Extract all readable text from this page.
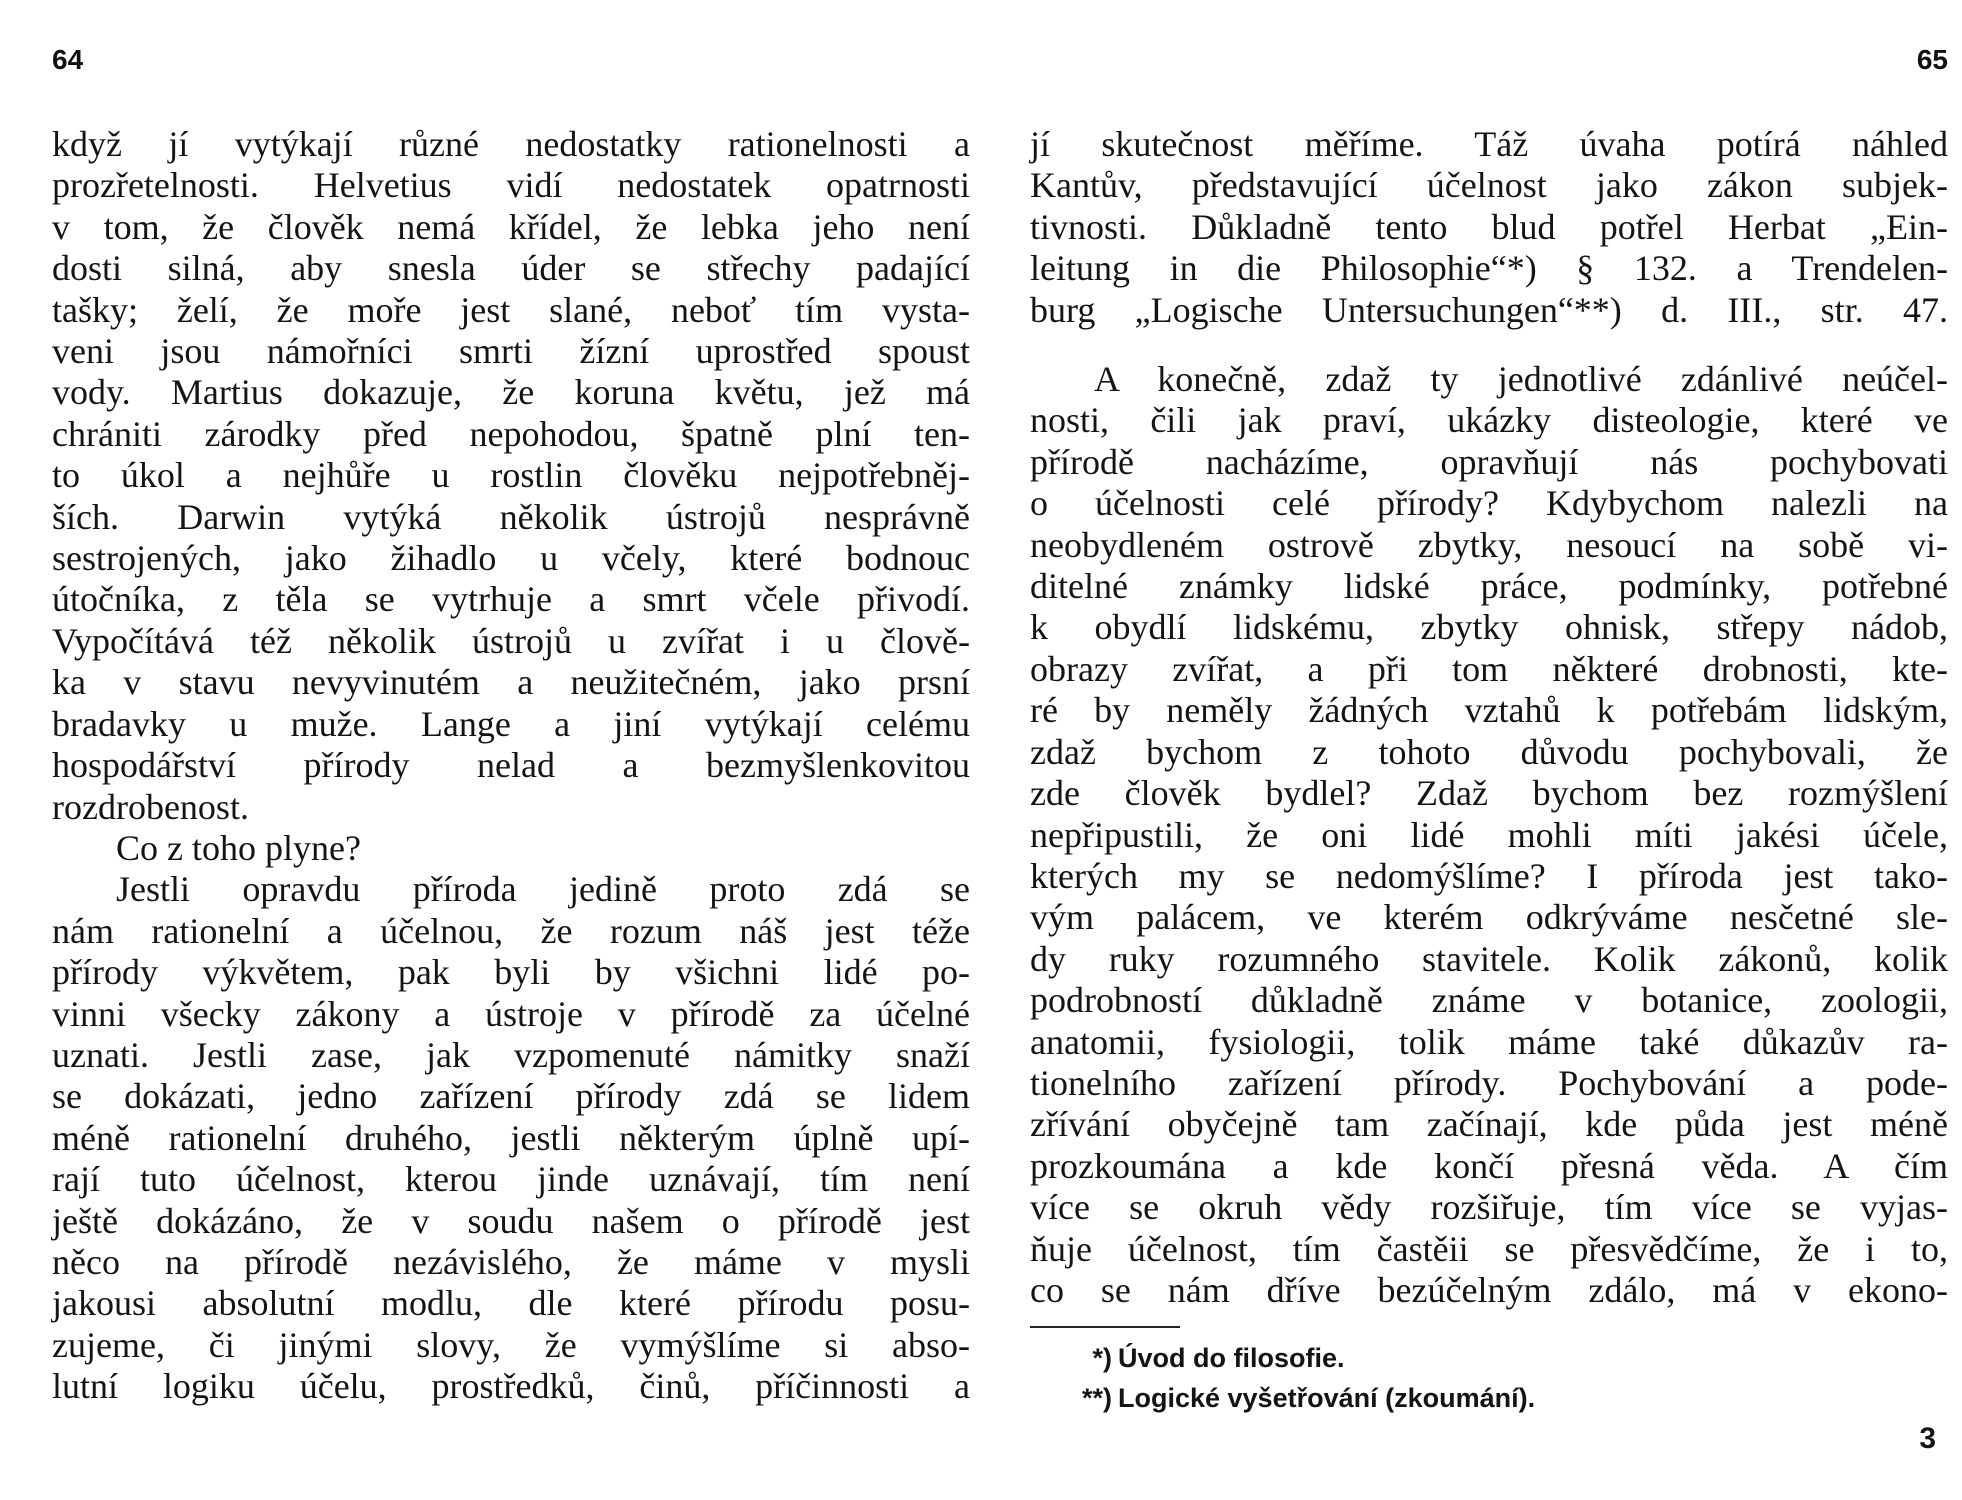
64
když jí vytýkají různé nedostatky rationelnosti a
prozřetelnosti. Helvetius vidí nedostatek opatrnosti
v tom, že člověk nemá křídel, že lebka jeho není
dosti silná, aby snesla úder se střechy padající
tašky; želí, že moře jest slané, neboť tím vysta-
veni jsou námořníci smrti žízní uprostřed spoust
vody. Martius dokazuje, že koruna květu, jež má
chrániti zárodky před nepohodou, špatně plní ten-
to úkol a nejhůře u rostlin člověku nejpotřebněj-
ších. Darwin vytýká několik ústrojů nesprávně
sestrojených, jako žihadlo u včely, které bodnouc
útočníka, z těla se vytrhuje a smrt včele přivodí.
Vypočítává též několik ústrojů u zvířat i u člově-
ka v stavu nevyvinutém a neužitečném, jako prsní
bradavky u muže. Lange a jiní vytýkají celému
hospodářství přírody nelad a bezmyšlenkovitou
rozdrobenost.
Co z toho plyne?
Jestli opravdu příroda jedině proto zdá se
nám rationelní a účelnou, že rozum náš jest téže
přírody výkvětem, pak byli by všichni lidé po-
vinni všecky zákony a ústroje v přírodě za účelné
uznati. Jestli zase, jak vzpomenuté námitky snaží
se dokázati, jedno zařízení přírody zdá se lidem
méně rationelní druhého, jestli některým úplně upí-
rají tuto účelnost, kterou jinde uznávají, tím není
ještě dokázáno, že v soudu našem o přírodě jest
něco na přírodě nezávislého, že máme v mysli
jakousi absolutní modlu, dle které přírodu posu-
zujeme, či jinými slovy, že vymýšlíme si abso-
lutní logiku účelu, prostředků, činů, příčinnosti a
65
jí skutečnost měříme. Táž úvaha potírá náhled
Kantův, představující účelnost jako zákon subjek-
tivnosti. Důkladně tento blud potřel Herbat „Ein-
leitung in die Philosophie“*) § 132. a Trendelen-
burg „Logische Untersuchungen“**) d. III., str. 47.
A konečně, zdaž ty jednotlivé zdánlivé neúčel-
nosti, čili jak praví, ukázky disteologie, které ve
přírodě nacházíme, opravňují nás pochybovati
o účelnosti celé přírody? Kdybychom nalezli na
neobydleném ostrově zbytky, nesoucí na sobě vi-
ditelné známky lidské práce, podmínky, potřebné
k obydlí lidskému, zbytky ohnisk, střepy nádob,
obrazy zvířat, a při tom některé drobnosti, kte-
ré by neměly žádných vztahů k potřebám lidským,
zdaž bychom z tohoto důvodu pochybovali, že
zde člověk bydlel? Zdaž bychom bez rozmýšlení
nepřipustili, že oni lidé mohli míti jakési účele,
kterých my se nedomýšlíme? I příroda jest tako-
vým palácem, ve kterém odkrýváme nesčetné sle-
dy ruky rozumného stavitele. Kolik zákonů, kolik
podrobností důkladně známe v botanice, zoologii,
anatomii, fysiologii, tolik máme také důkazův ra-
tionelního zařízení přírody. Pochybování a pode-
zřívání obyčejně tam začínají, kde půda jest méně
prozkoumána a kde končí přesná věda. A čím
více se okruh vědy rozšiřuje, tím více se vyjas-
ňuje účelnost, tím častěii se přesvědčíme, že i to,
co se nám dříve bezúčelným zdálo, má v ekono-
*) Úvod do filosofie.
**) Logické vyšetřování (zkoumání).
3
